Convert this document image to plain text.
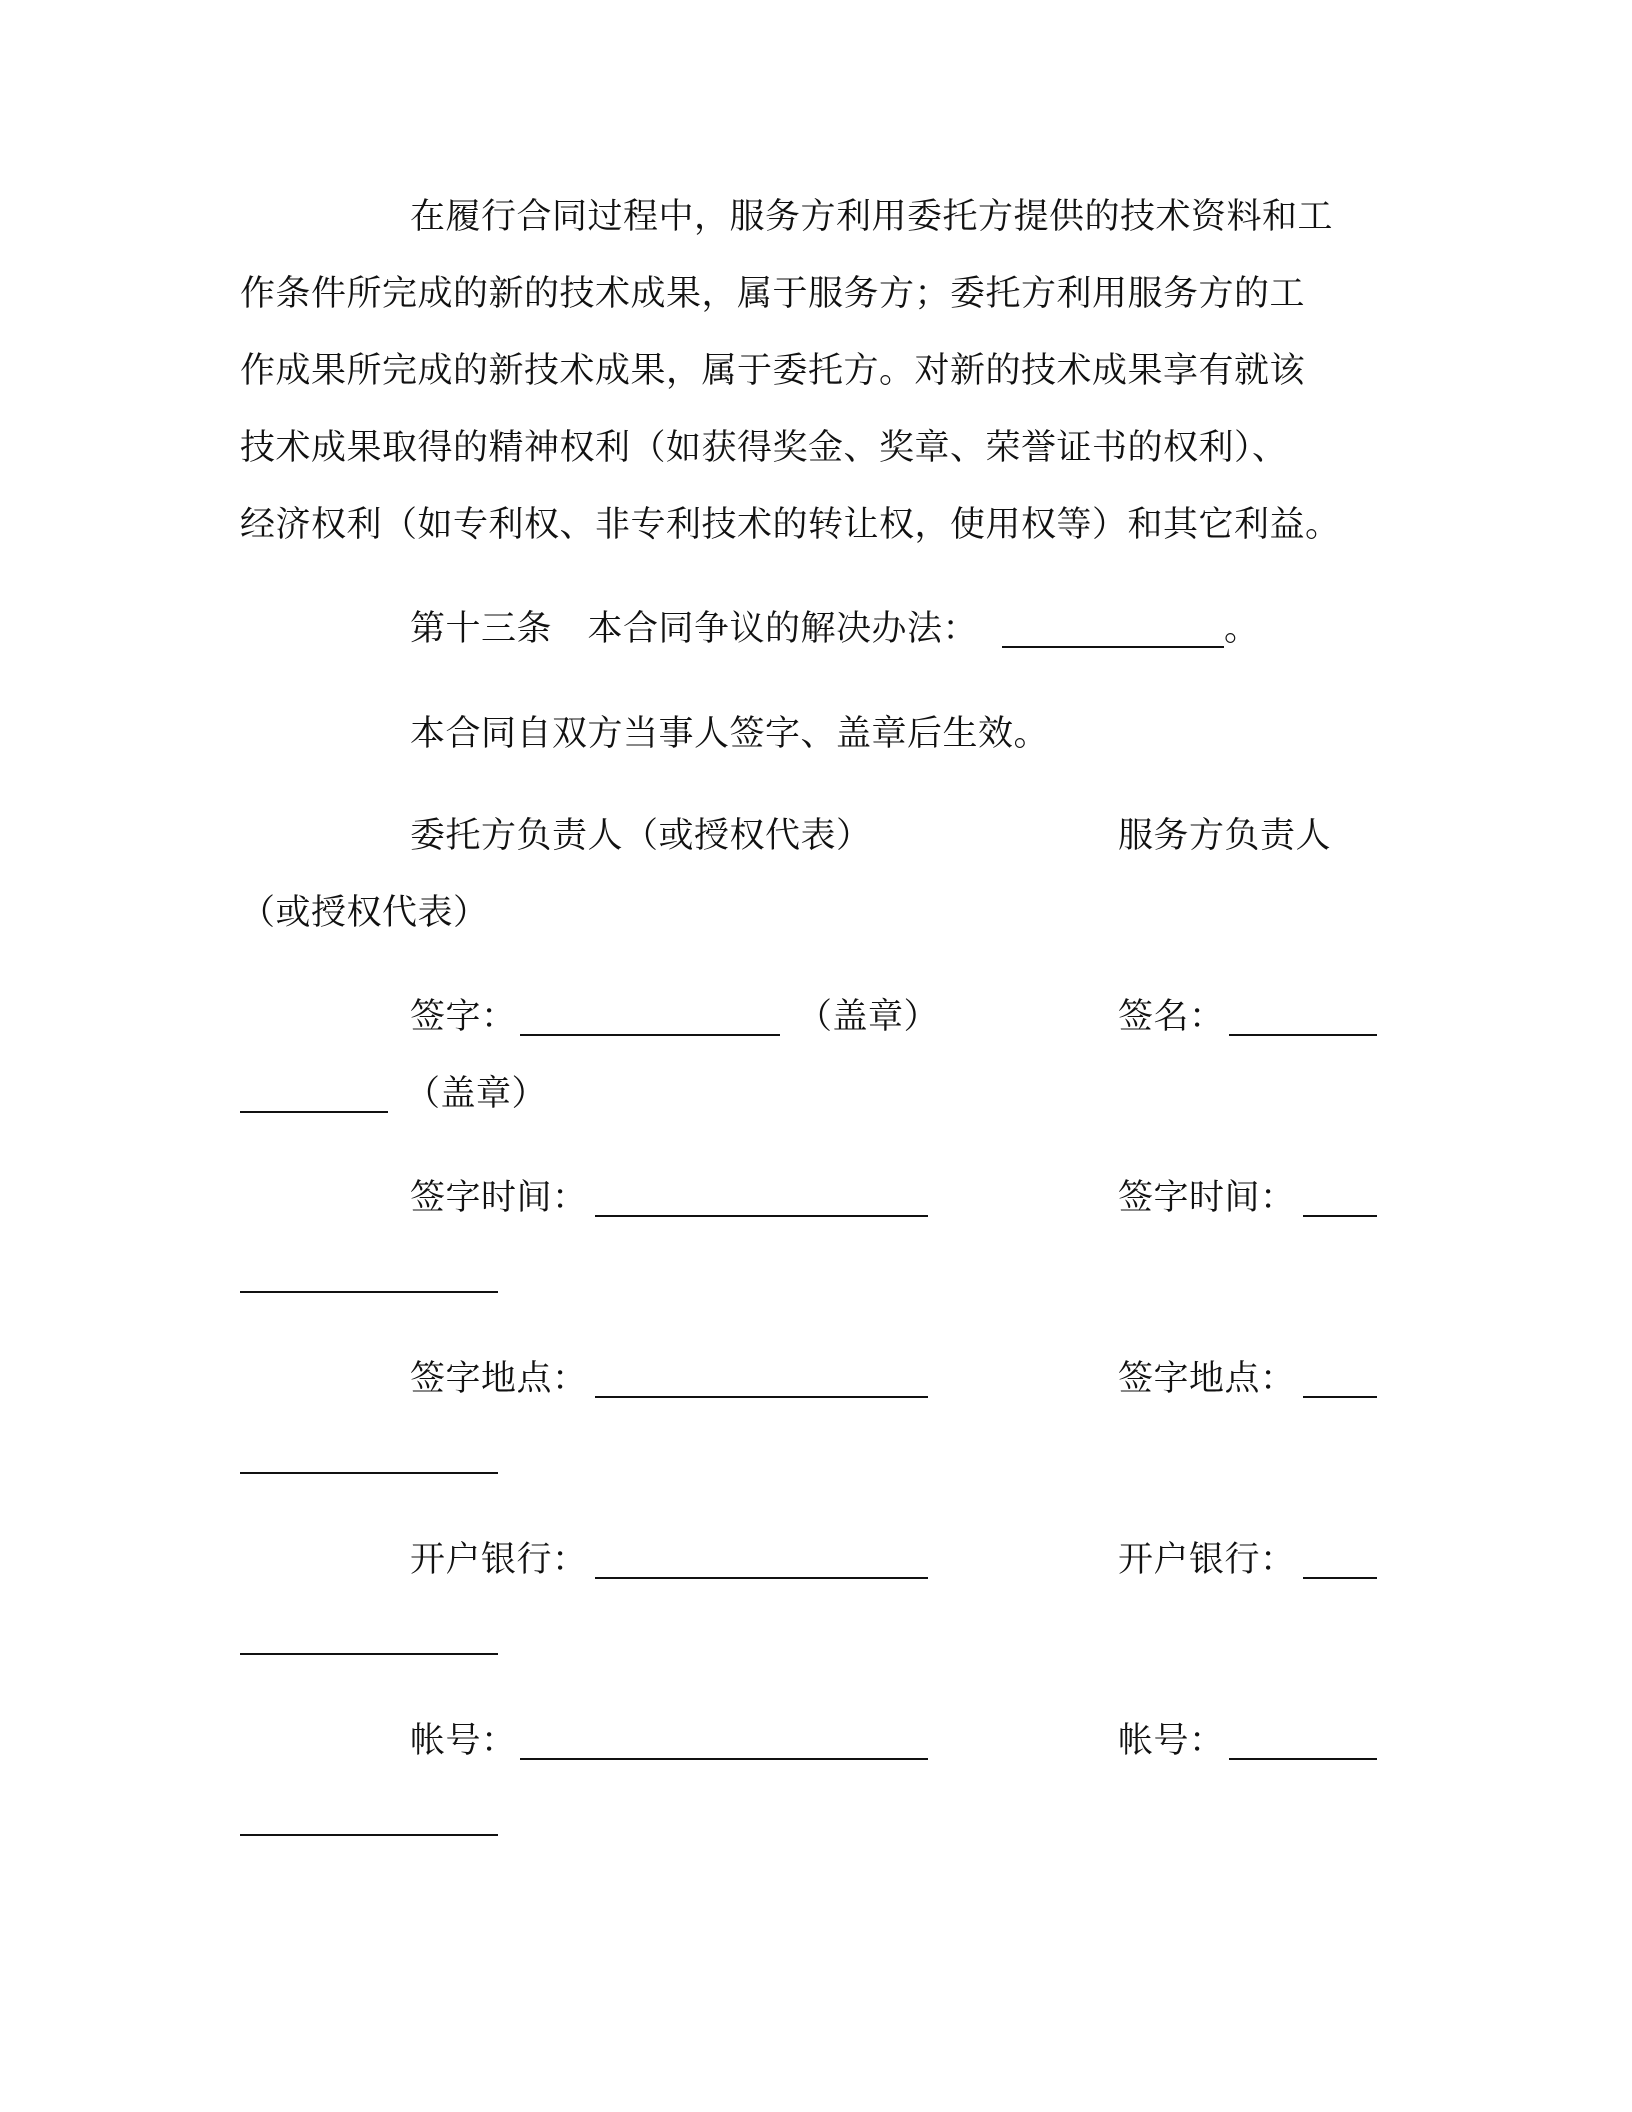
在履行合同过程中，服务方利用委托方提供的技术资料和工
作条件所完成的新的技术成果，属于服务方；委托方利用服务方的工
作成果所完成的新技术成果，属于委托方。对新的技术成果享有就该
技术成果取得的精神权利（如获得奖金、奖章、荣誉证书的权利）、
经济权利（如专利权、非专利技术的转让权，使用权等）和其它利益。
第十三条　本合同争议的解决办法：	。
本合同自双方当事人签字、盖章后生效。
委托方负责人（或授权代表）	服务方负责人
（或授权代表）
签字：	（盖章）	签名：
（盖章）
签字时间：	签字时间：
签字地点：	签字地点：
开户银行：	开户银行：
帐号：	帐号：
